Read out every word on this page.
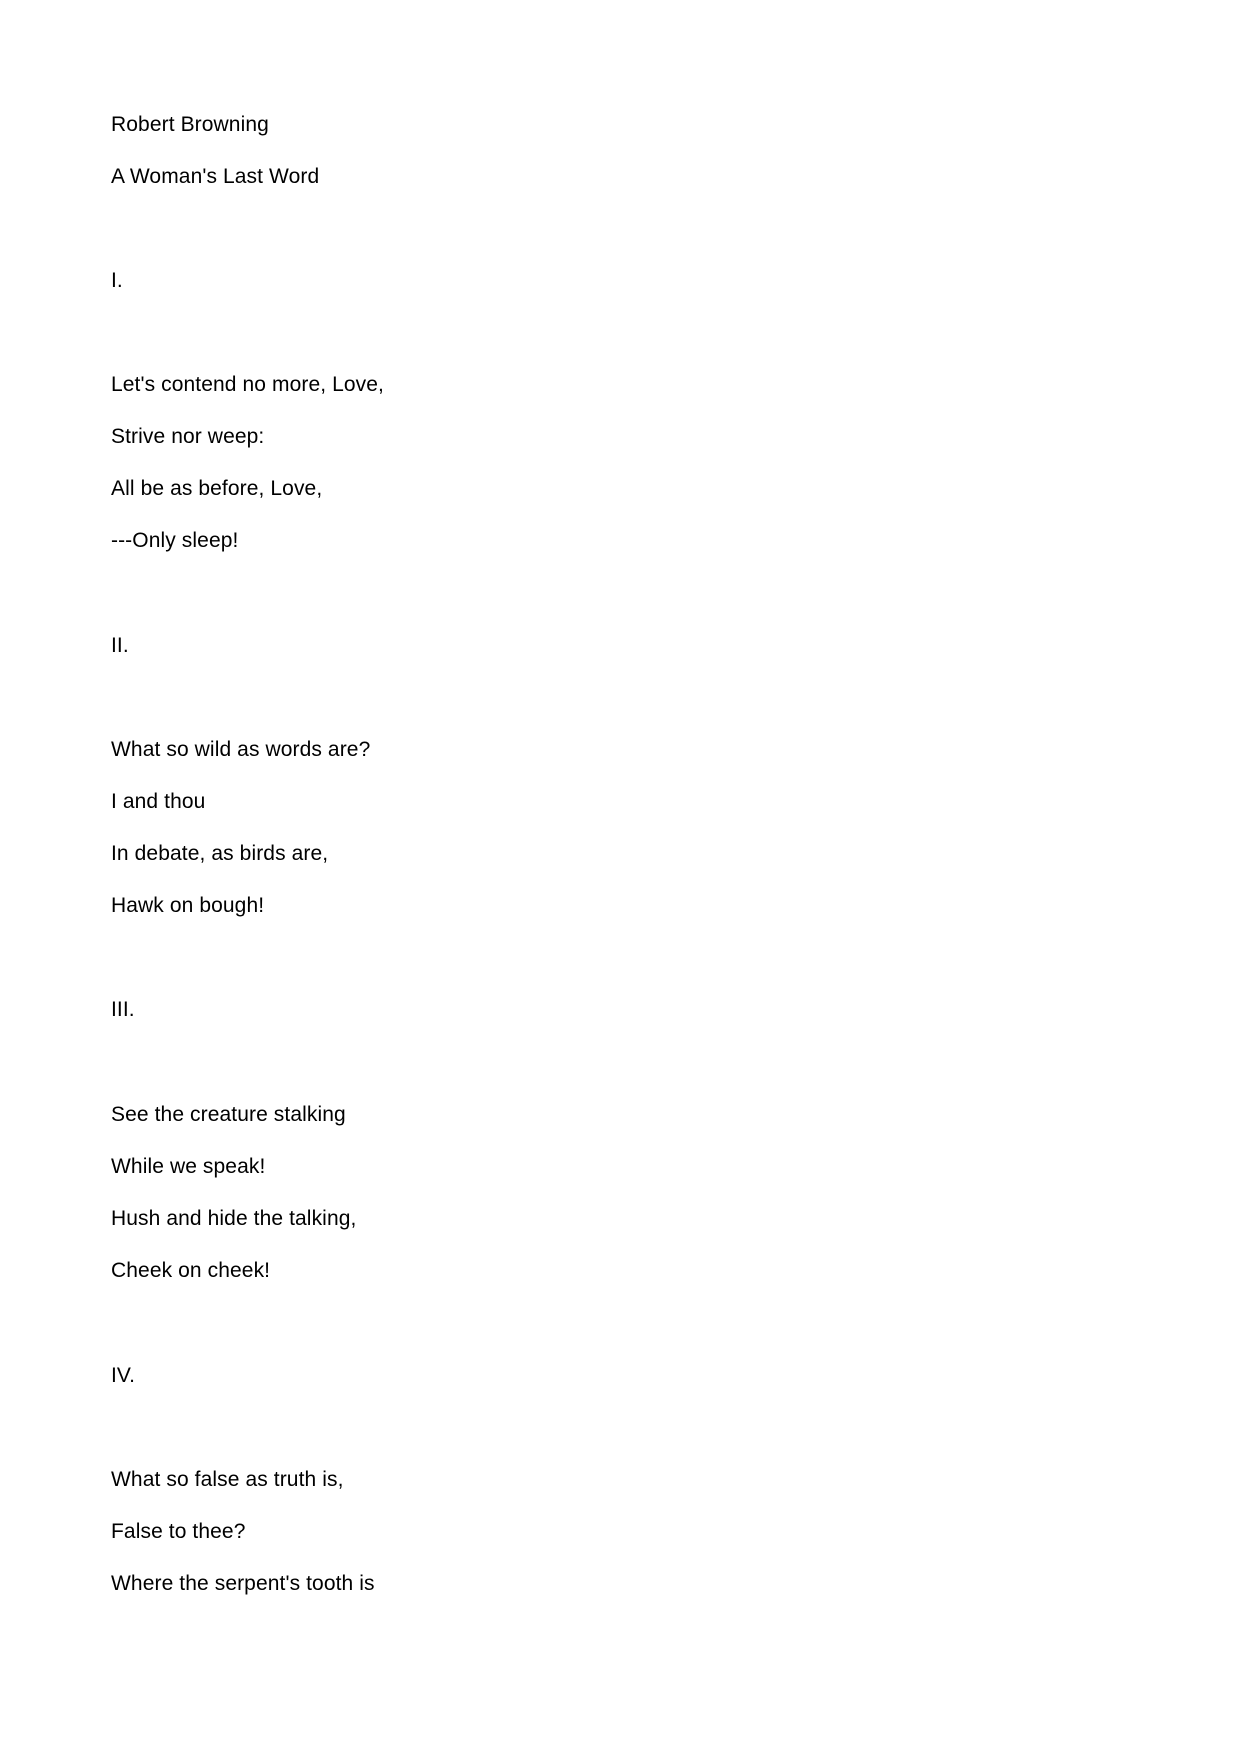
Robert Browning
A Woman's Last Word
I.
Let's contend no more, Love,
Strive nor weep:
All be as before, Love,
---Only sleep!
II.
What so wild as words are?
I and thou
In debate, as birds are,
Hawk on bough!
III.
See the creature stalking
While we speak!
Hush and hide the talking,
Cheek on cheek!
IV.
What so false as truth is,
False to thee?
Where the serpent's tooth is
